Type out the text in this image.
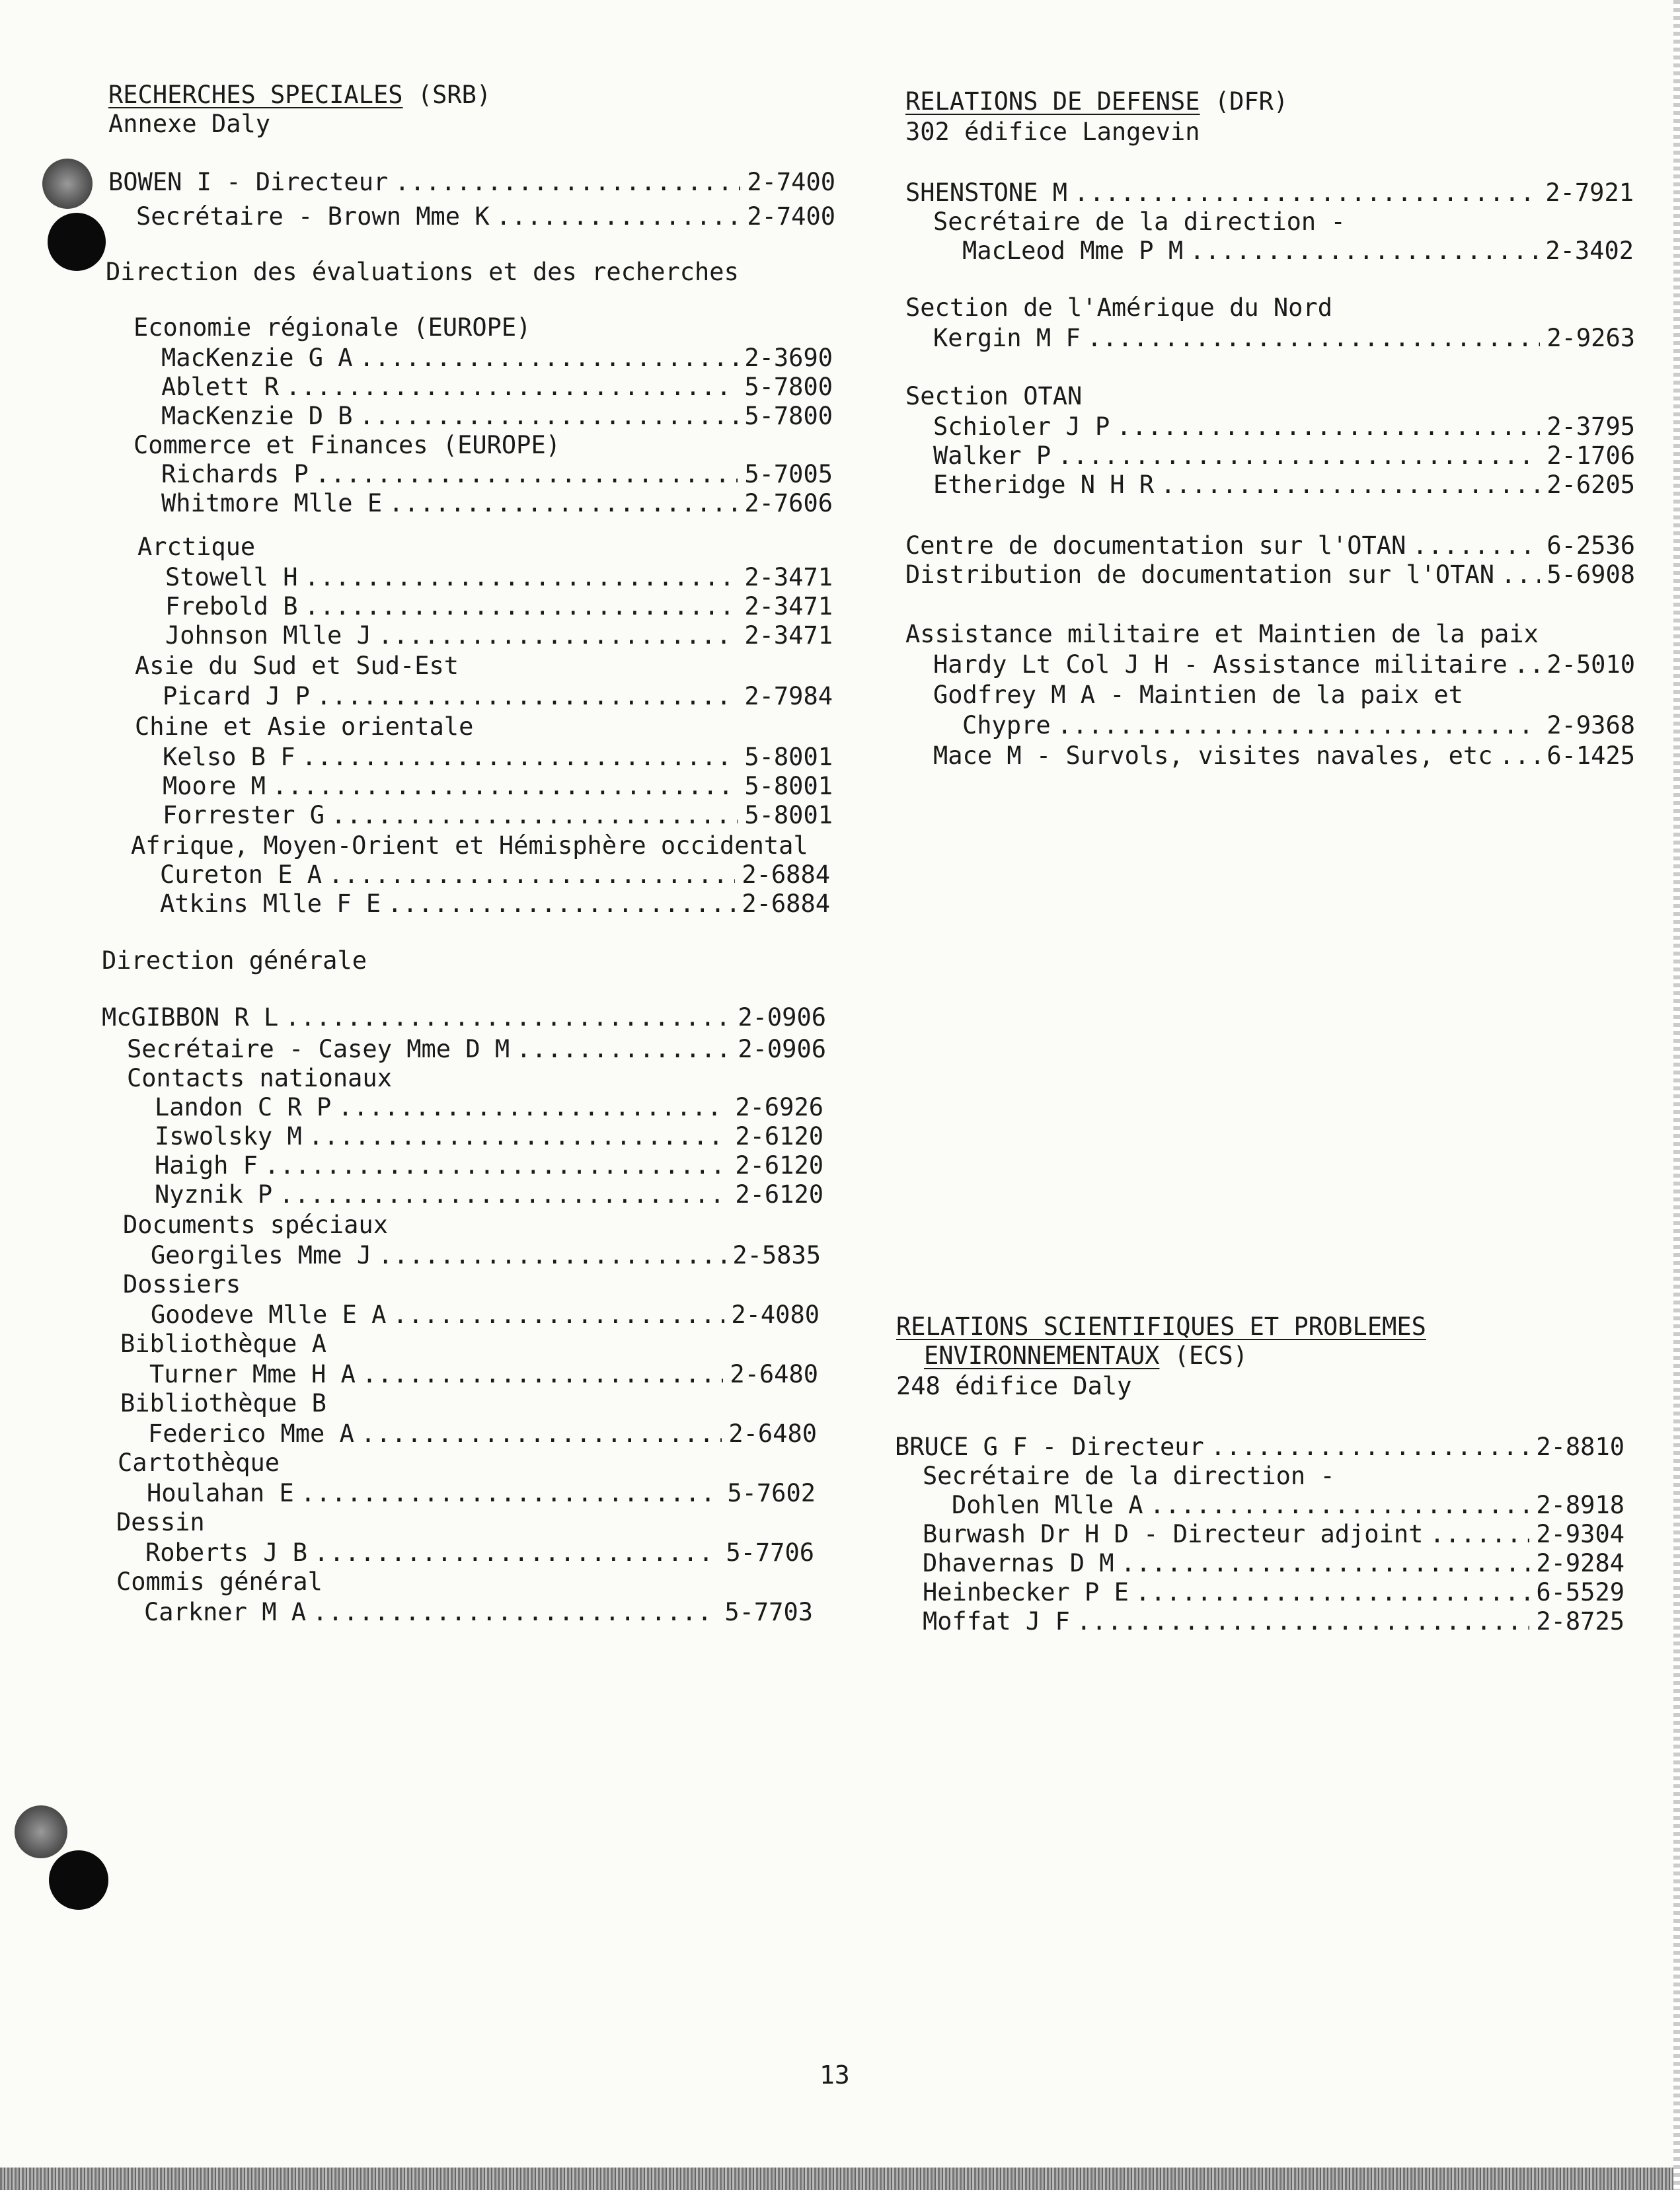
RECHERCHES SPECIALES (SRB)
Annexe Daly
BOWEN I - Directeur .....	2-7400
Secrétaire - Brown Mme K .....	2-7400
Direction des évaluations et des recherches
Economie régionale (EUROPE)
MacKenzie G A .....	2-3690
Ablett R .....	5-7800
MacKenzie D B .....	5-7800
Commerce et Finances (EUROPE)
Richards P .....	5-7005
Whitmore Mlle E .....	2-7606
Arctique
Stowell H .....	2-3471
Frebold B .....	2-3471
Johnson Mlle J .....	2-3471
Asie du Sud et Sud-Est
Picard J P .....	2-7984
Chine et Asie orientale
Kelso B F .....	5-8001
Moore M .....	5-8001
Forrester G .....	5-8001
Afrique, Moyen-Orient et Hémisphère occidental
Cureton E A .....	2-6884
Atkins Mlle F E .....	2-6884
Direction générale
McGIBBON R L .....	2-0906
Secrétaire - Casey Mme D M .....	2-0906
Contacts nationaux
Landon C R P .....	2-6926
Iswolsky M .....	2-6120
Haigh F .....	2-6120
Nyznik P .....	2-6120
Documents spéciaux
Georgiles Mme J .....	2-5835
Dossiers
Goodeve Mlle E A .....	2-4080
Bibliothèque A
Turner Mme H A .....	2-6480
Bibliothèque B
Federico Mme A .....	2-6480
Cartothèque
Houlahan E .....	5-7602
Dessin
Roberts J B .....	5-7706
Commis général
Carkner M A .....	5-7703
RELATIONS DE DEFENSE (DFR)
302 édifice Langevin
SHENSTONE M .....	2-7921
Secrétaire de la direction -
MacLeod Mme P M .....	2-3402
Section de l'Amérique du Nord
Kergin M F .....	2-9263
Section OTAN
Schioler J P .....	2-3795
Walker P .....	2-1706
Etheridge N H R .....	2-6205
Centre de documentation sur l'OTAN .....	6-2536
Distribution de documentation sur l'OTAN ..... 5-6908
Assistance militaire et Maintien de la paix
Hardy Lt Col J H - Assistance militaire ..... 2-5010
Godfrey M A - Maintien de la paix et
Chypre .....	2-9368
Mace M - Survols, visites navales, etc ..... 6-1425
RELATIONS SCIENTIFIQUES ET PROBLEMES
ENVIRONNEMENTAUX (ECS)
248 édifice Daly
BRUCE G F - Directeur .....	2-8810
Secrétaire de la direction -
Dohlen Mlle A .....	2-8918
Burwash Dr H D - Directeur adjoint .....	2-9304
Dhavernas D M .....	2-9284
Heinbecker P E .....	6-5529
Moffat J F .....	2-8725
13
